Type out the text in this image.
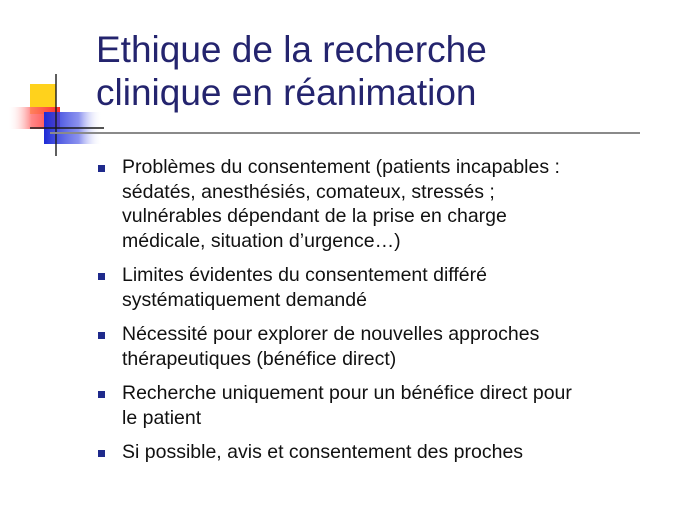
Ethique de la recherche
clinique en réanimation
Problèmes du consentement (patients incapables :
sédatés, anesthésiés, comateux, stressés ;
vulnérables dépendant de la prise en charge
médicale, situation d’urgence…)
Limites évidentes du consentement différé
systématiquement demandé
Nécessité pour explorer de nouvelles approches
thérapeutiques (bénéfice direct)
Recherche uniquement pour un bénéfice direct pour
le patient
Si possible, avis et consentement des proches
